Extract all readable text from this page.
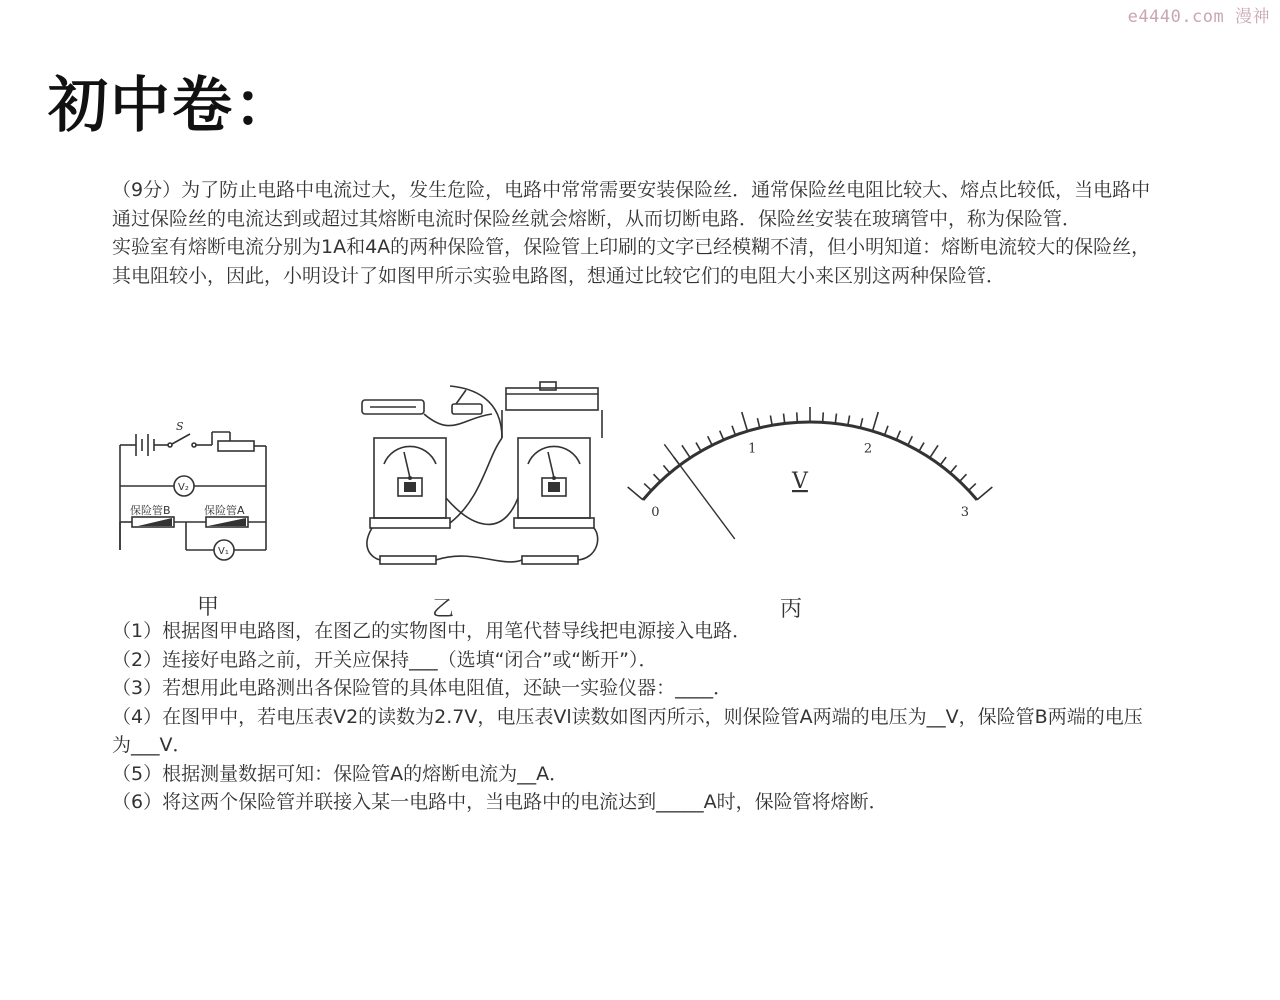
e4440.com 漫神
初中卷：

（9分）为了防止电路中电流过大，发生危险，电路中常常需要安装保险丝．通常保险丝电阻比较大、熔点比较低，当电路中通过保险丝的电流达到或超过其熔断电流时保险丝就会熔断，从而切断电路．保险丝安装在玻璃管中，称为保险管．

实验室有熔断电流分别为1A和4A的两种保险管，保险管上印刷的文字已经模糊不清，但小明知道：熔断电流较大的保险丝，其电阻较小，因此，小明设计了如图甲所示实验电路图，想通过比较它们的电阻大小来区别这两种保险管．

S
V₂
V₁
保险管B	保险管A	0
1	2
3
V
甲	乙	丙

（1）根据图甲电路图，在图乙的实物图中，用笔代替导线把电源接入电路．

（2）连接好电路之前，开关应保持___（选填“闭合”或“断开”）．

（3）若想用此电路测出各保险管的具体电阻值，还缺一实验仪器：____．

（4）在图甲中，若电压表V2的读数为2.7V，电压表Vl读数如图丙所示，则保险管A两端的电压为__V，保险管B两端的电压为___V．

（5）根据测量数据可知：保险管A的熔断电流为__A．

（6）将这两个保险管并联接入某一电路中，当电路中的电流达到_____A时，保险管将熔断．
